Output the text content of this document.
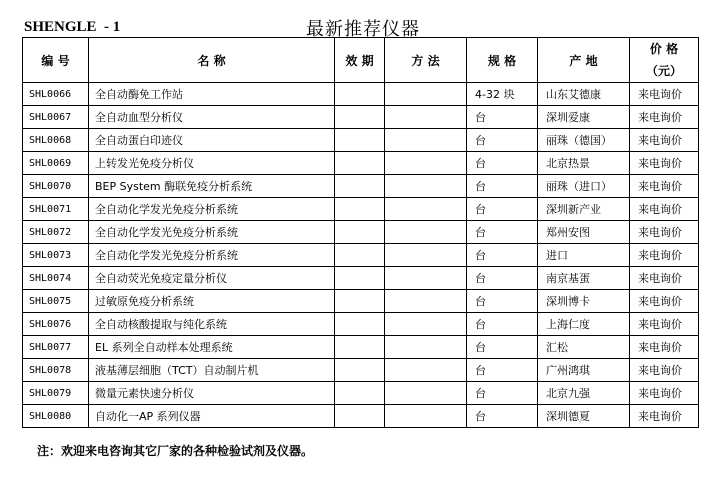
SHENGLE  - 1	最新推荐仪器
编 号	名 称	效 期	方 法	规 格	产 地	价 格
（元）

SHL0066	全自动酶免工作站			4-32 块	山东艾德康	来电询价
SHL0067	全自动血型分析仪			台	深圳爱康	来电询价
SHL0068	全自动蛋白印迹仪			台	丽珠（德国）	来电询价
SHL0069	上转发光免疫分析仪			台	北京热景	来电询价
SHL0070	BEP System 酶联免疫分析系统			台	丽珠（进口）	来电询价
SHL0071	全自动化学发光免疫分析系统			台	深圳新产业	来电询价
SHL0072	全自动化学发光免疫分析系统			台	郑州安图	来电询价
SHL0073	全自动化学发光免疫分析系统			台	进口	来电询价
SHL0074	全自动荧光免疫定量分析仪			台	南京基蛋	来电询价
SHL0075	过敏原免疫分析系统			台	深圳博卡	来电询价
SHL0076	全自动核酸提取与纯化系统			台	上海仁度	来电询价
SHL0077	EL 系列全自动样本处理系统			台	汇松	来电询价
SHL0078	液基薄层细胞（TCT）自动制片机			台	广州鸿琪	来电询价
SHL0079	微量元素快速分析仪			台	北京九强	来电询价
SHL0080	自动化一AP 系列仪器			台	深圳德夏	来电询价
注：欢迎来电咨询其它厂家的各种检验试剂及仪器。
